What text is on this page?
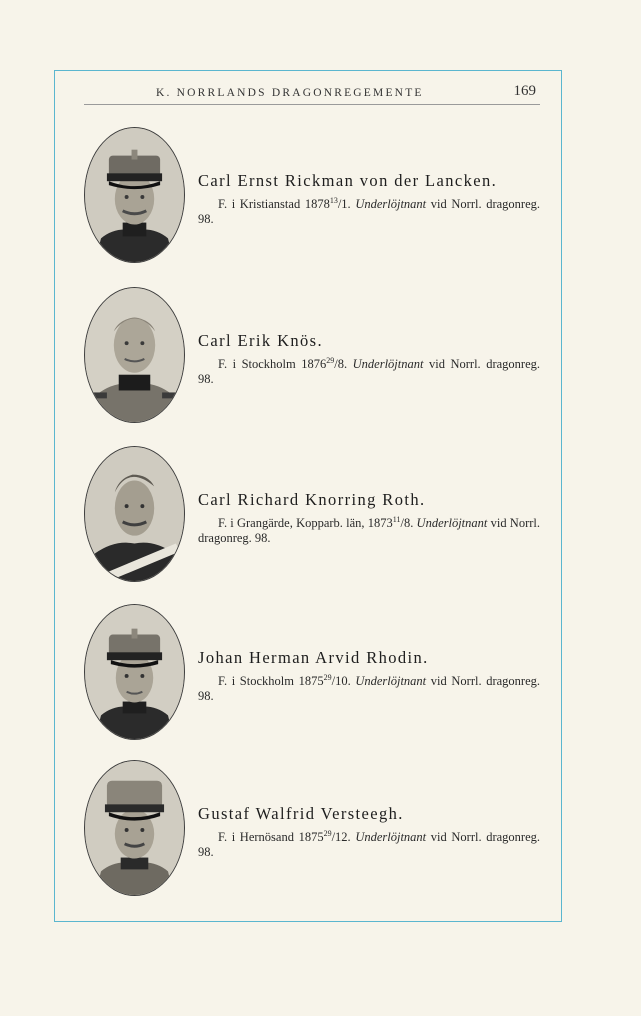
K. NORRLANDS DRAGONREGEMENTE	169
Carl Ernst Rickman von der Lancken.
F. i Kristianstad 1878$^{13}$/1. Underlöjtnant vid Norrl. dragonreg. 98.
Carl Erik Knös.
F. i Stockholm 1876$^{29}$/8. Underlöjtnant vid Norrl. dragonreg. 98.
Carl Richard Knorring Roth.
F. i Grangärde, Kopparb. län, 1873$^{11}$/8. Underlöjtnant vid Norrl. dragonreg. 98.
Johan Herman Arvid Rhodin.
F. i Stockholm 1875$^{29}$/10. Underlöjtnant vid Norrl. dragonreg. 98.
Gustaf Walfrid Versteegh.
F. i Hernösand 1875$^{29}$/12. Underlöjtnant vid Norrl. dragonreg. 98.
